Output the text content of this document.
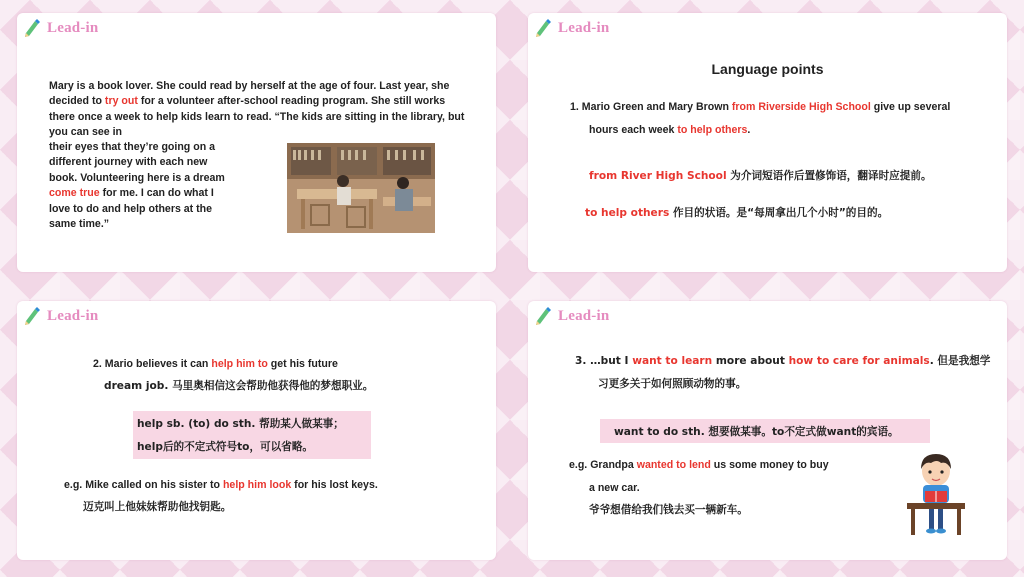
Lead-in
Mary is a book lover. She could read by herself at the age of four. Last year, she decided to try out for a volunteer after-school reading program. She still works there once a week to help kids learn to read. “The kids are sitting in the library, but you can see in
their eyes that they’re going on a different journey with each new book. Volunteering here is a dream come true for me. I can do what I love to do and help others at the same time.”
Lead-in
Language points
1. Mario Green and Mary Brown from Riverside High School give up several
hours each week to help others.
from River High School 为介词短语作后置修饰语，翻译时应提前。
to help others 作目的状语。是“每周拿出几个小时”的目的。
Lead-in
2. Mario believes it can help him to get his future
dream job. 马里奥相信这会帮助他获得他的梦想职业。
help sb. (to) do sth. 帮助某人做某事；
help后的不定式符号to，可以省略。
e.g. Mike called on his sister to help him look for his lost keys.
迈克叫上他妹妹帮助他找钥匙。
Lead-in
3. …but I want to learn more about how to care for animals. 但是我想学
习更多关于如何照顾动物的事。
want to do sth. 想要做某事。to不定式做want的宾语。
e.g. Grandpa wanted to lend us some money to buy
a new car.
爷爷想借给我们钱去买一辆新车。
